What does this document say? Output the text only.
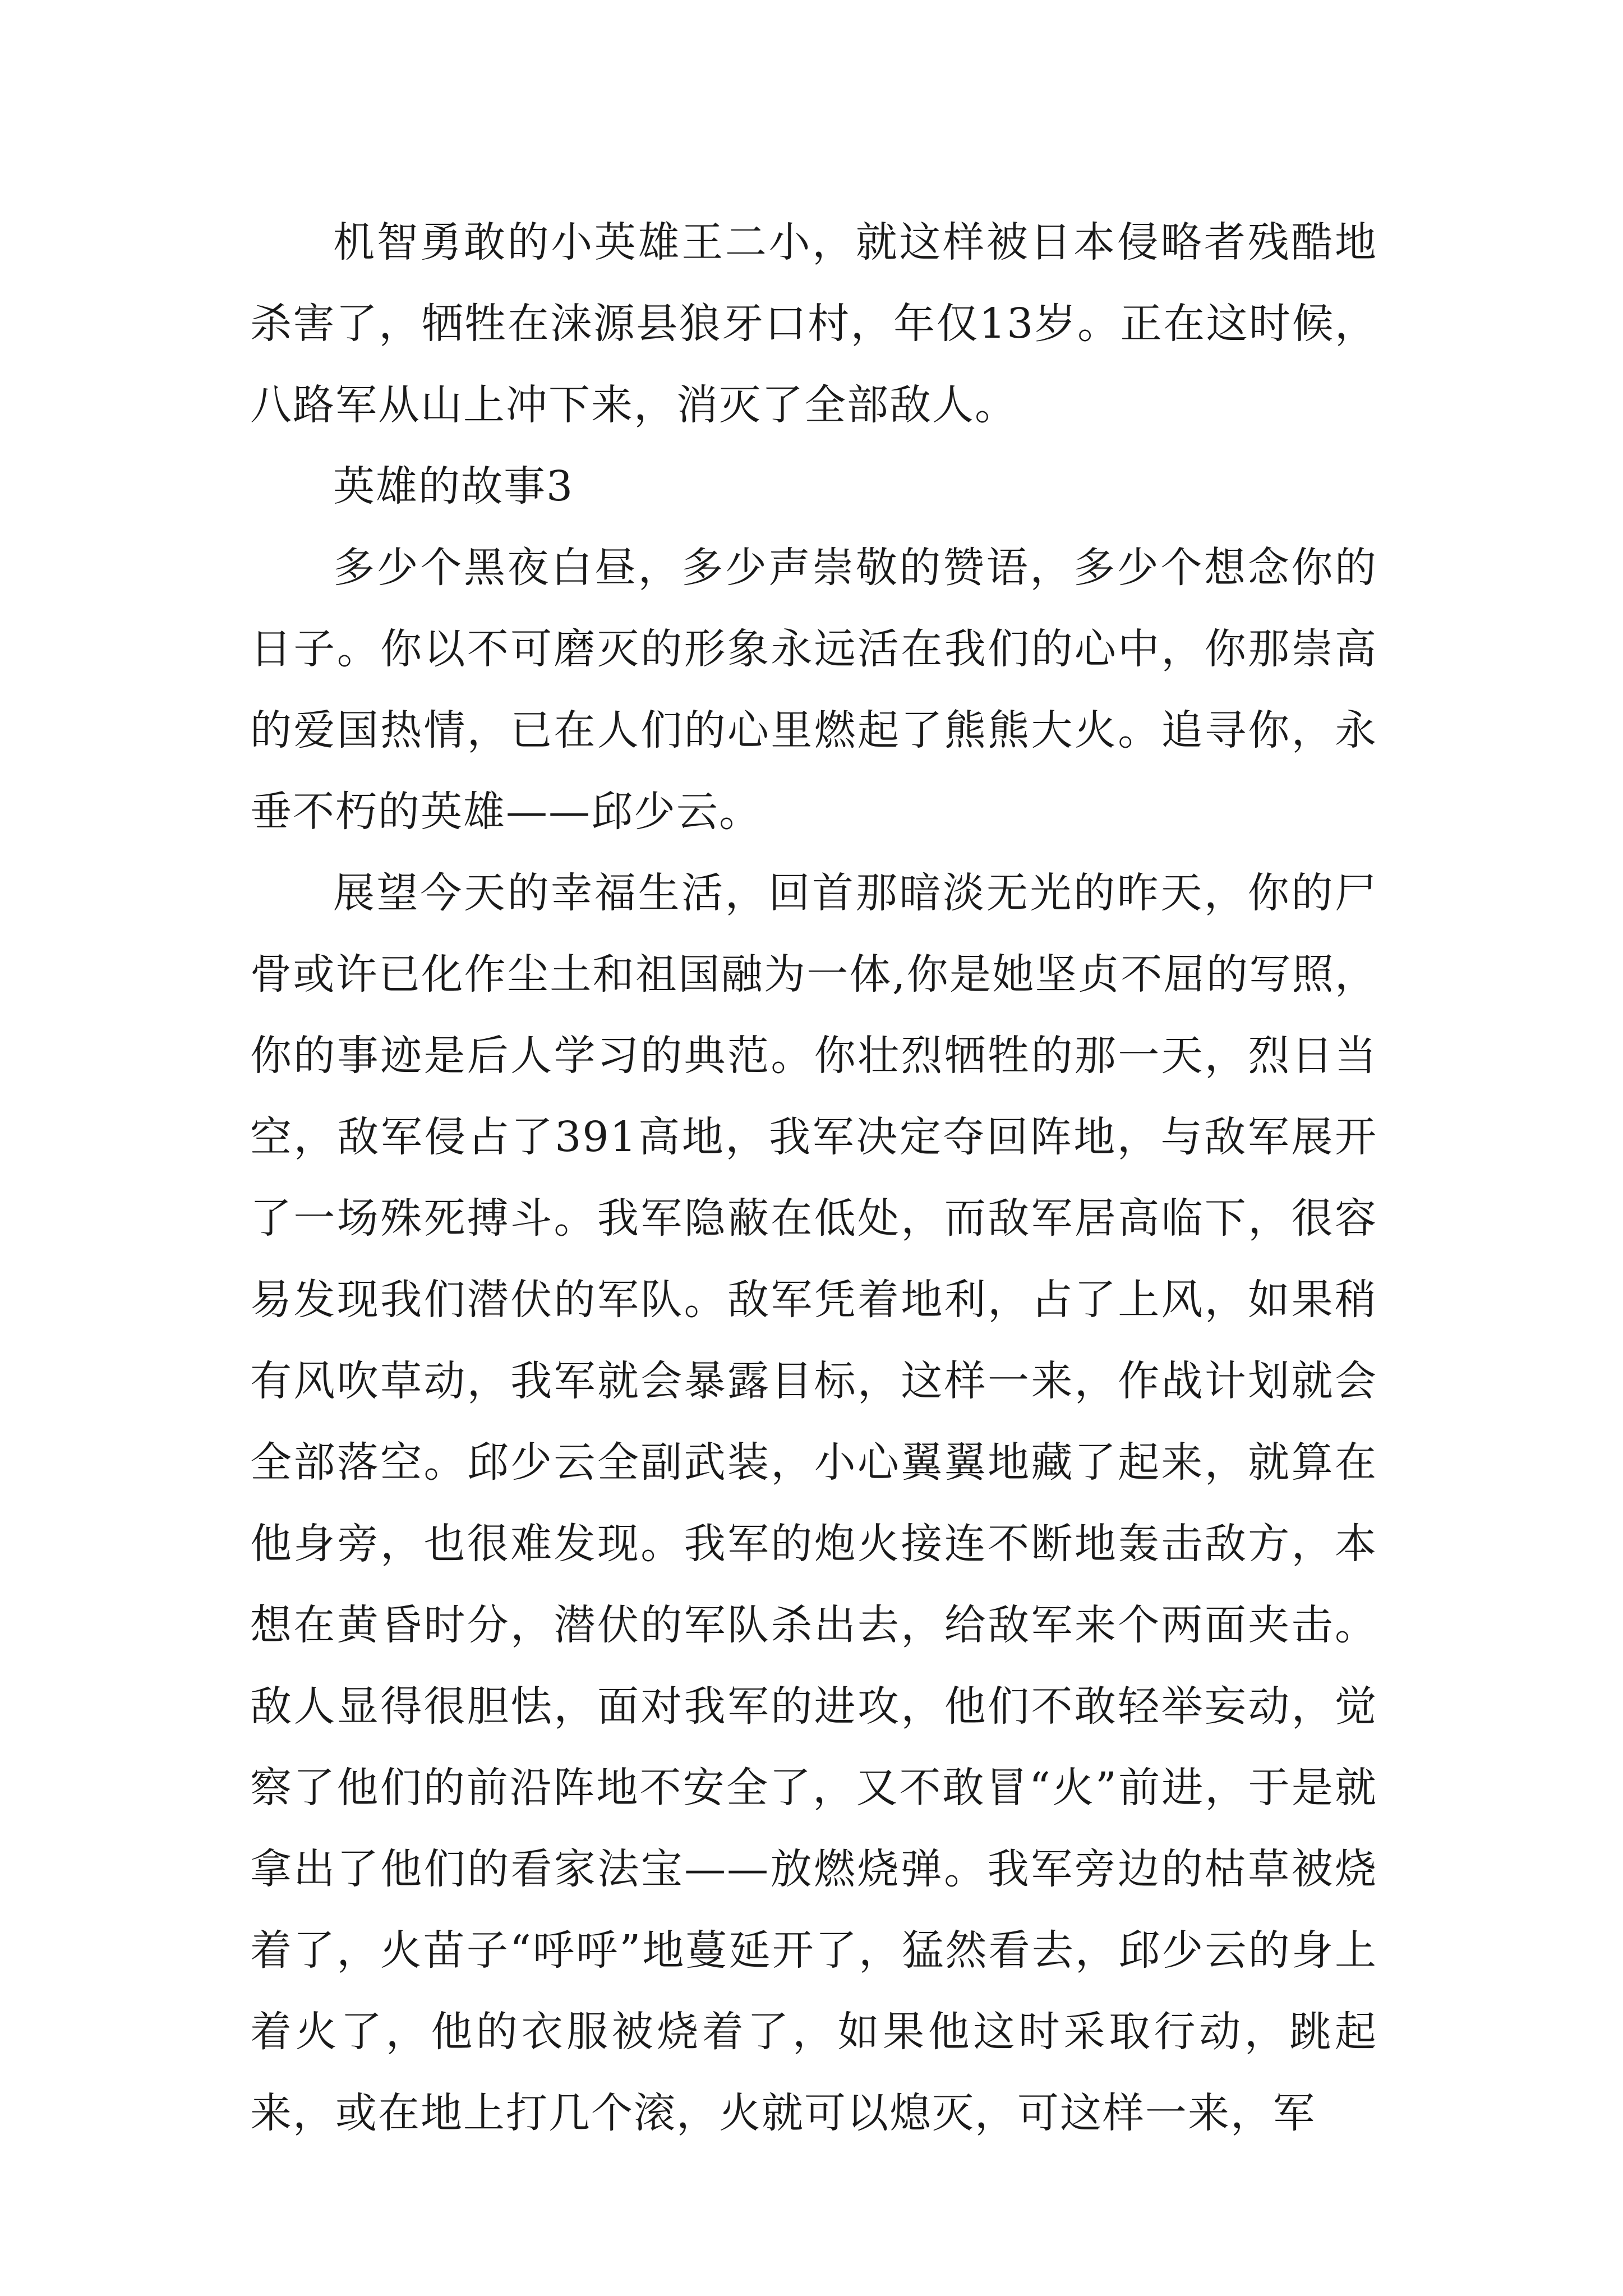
机智勇敢的小英雄王二小，就这样被日本侵略者残酷地杀害了，牺牲在涞源县狼牙口村，年仅13岁。正在这时候，八路军从山上冲下来，消灭了全部敌人。

英雄的故事3

多少个黑夜白昼，多少声崇敬的赞语，多少个想念你的日子。你以不可磨灭的形象永远活在我们的心中，你那崇高的爱国热情，已在人们的心里燃起了熊熊大火。追寻你，永垂不朽的英雄——邱少云。

展望今天的幸福生活，回首那暗淡无光的昨天，你的尸骨或许已化作尘土和祖国融为一体,你是她坚贞不屈的写照，你的事迹是后人学习的典范。你壮烈牺牲的那一天，烈日当空，敌军侵占了391高地，我军决定夺回阵地，与敌军展开了一场殊死搏斗。我军隐蔽在低处，而敌军居高临下，很容易发现我们潜伏的军队。敌军凭着地利，占了上风，如果稍有风吹草动，我军就会暴露目标，这样一来，作战计划就会全部落空。邱少云全副武装，小心翼翼地藏了起来，就算在他身旁，也很难发现。我军的炮火接连不断地轰击敌方，本想在黄昏时分，潜伏的军队杀出去，给敌军来个两面夹击。敌人显得很胆怯，面对我军的进攻，他们不敢轻举妄动，觉察了他们的前沿阵地不安全了，又不敢冒“火”前进，于是就拿出了他们的看家法宝——放燃烧弹。我军旁边的枯草被烧着了，火苗子“呼呼”地蔓延开了，猛然看去，邱少云的身上着火了，他的衣服被烧着了，如果他这时采取行动，跳起来，或在地上打几个滚，火就可以熄灭，可这样一来，军
